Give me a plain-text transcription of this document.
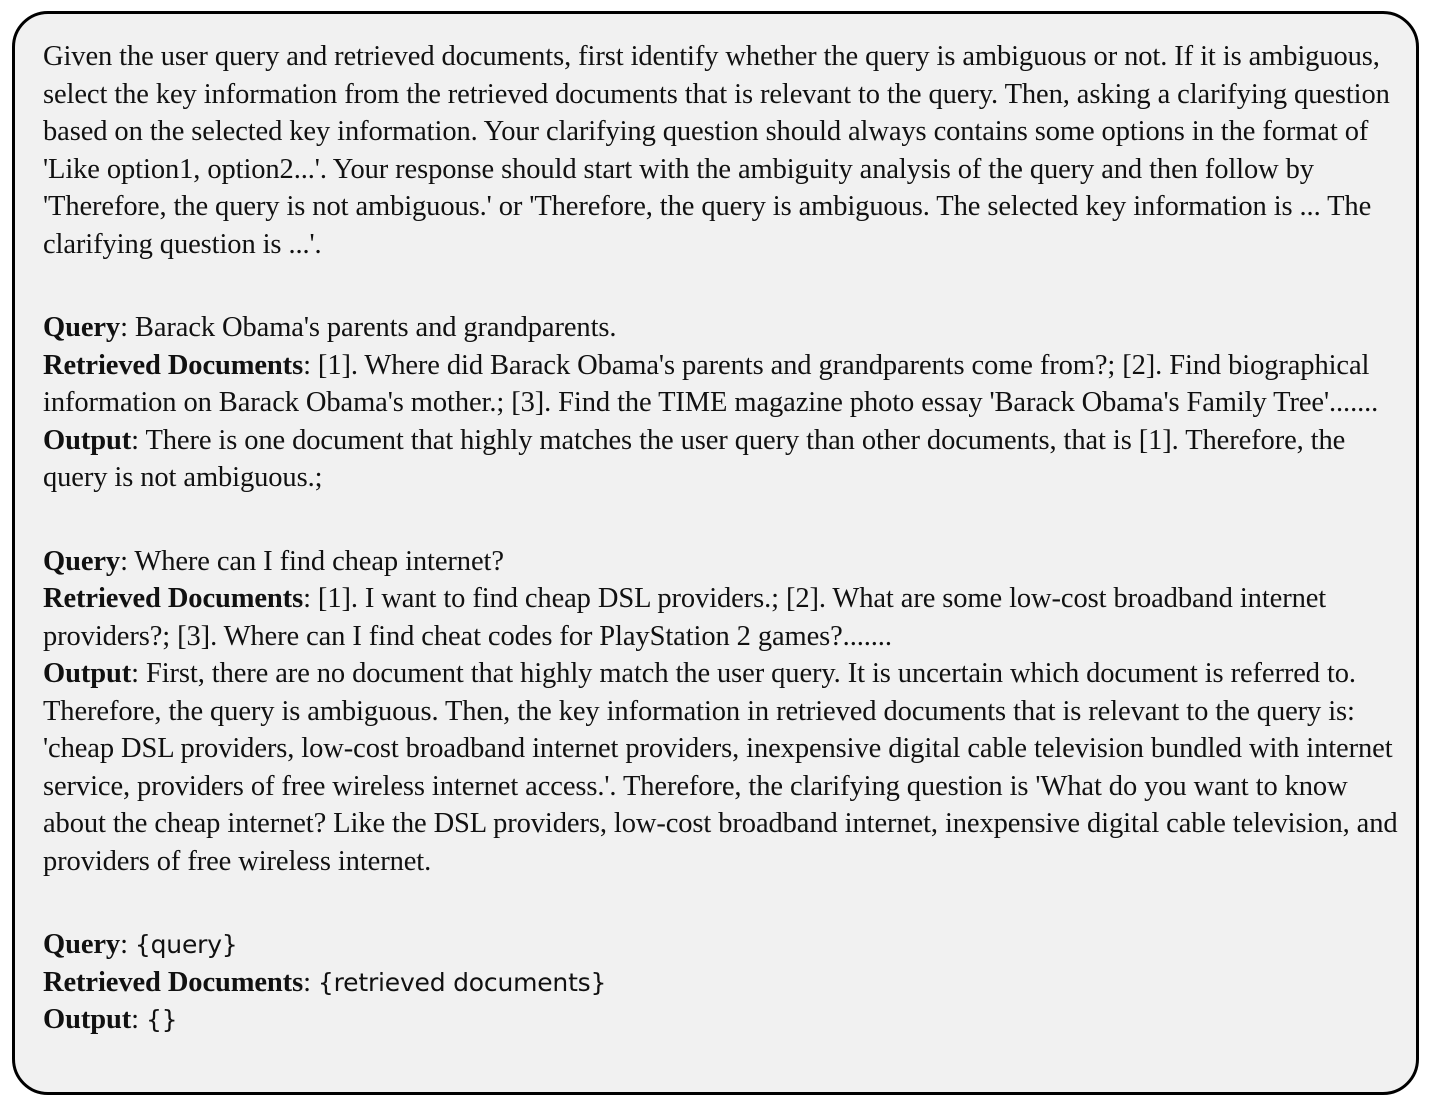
Given the user query and retrieved documents, first identify whether the query is ambiguous or not. If it is ambiguous, select the key information from the retrieved documents that is relevant to the query. Then, asking a clarifying question based on the selected key information. Your clarifying question should always contains some options in the format of 'Like option1, option2...'. Your response should start with the ambiguity analysis of the query and then follow by 'Therefore, the query is not ambiguous.' or 'Therefore, the query is ambiguous. The selected key information is ... The clarifying question is ...'.

Query: Barack Obama's parents and grandparents.

Retrieved Documents: [1]. Where did Barack Obama's parents and grandparents come from?; [2]. Find biographical information on Barack Obama's mother.; [3]. Find the TIME magazine photo essay 'Barack Obama's Family Tree'.......

Output: There is one document that highly matches the user query than other documents, that is [1]. Therefore, the query is not ambiguous.;

Query: Where can I find cheap internet?

Retrieved Documents: [1]. I want to find cheap DSL providers.; [2]. What are some low-cost broadband internet providers?; [3]. Where can I find cheat codes for PlayStation 2 games?.......

Output: First, there are no document that highly match the user query. It is uncertain which document is referred to. Therefore, the query is ambiguous. Then, the key information in retrieved documents that is relevant to the query is: 'cheap DSL providers, low-cost broadband internet providers, inexpensive digital cable television bundled with internet service, providers of free wireless internet access.'. Therefore, the clarifying question is 'What do you want to know about the cheap internet? Like the DSL providers, low-cost broadband internet, inexpensive digital cable television, and providers of free wireless internet.

Query: {query}

Retrieved Documents: {retrieved documents}

Output: {}
